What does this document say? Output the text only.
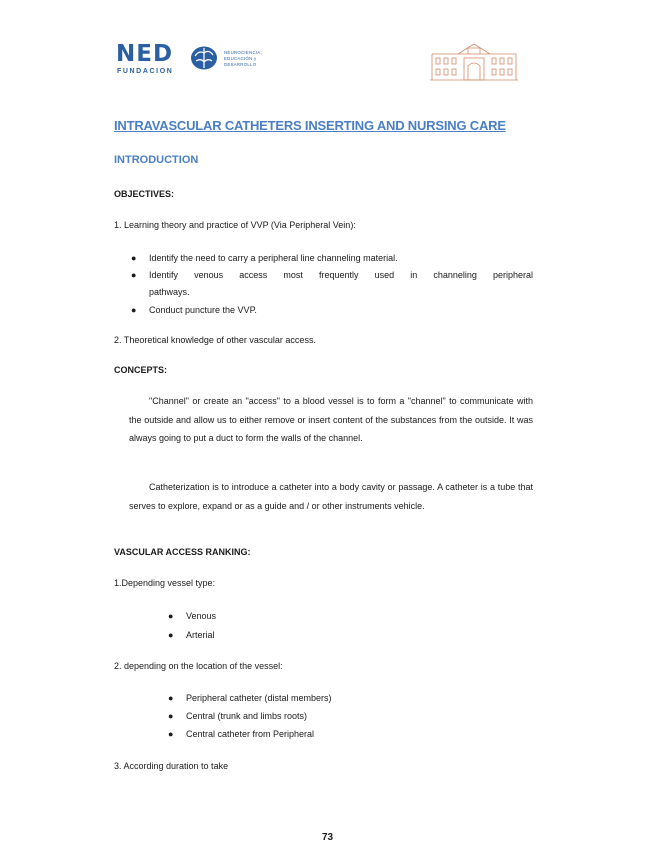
NED
FUNDACION
NEUROCIENCIA,
EDUCACIÓN y
DESARROLLO
INTRAVASCULAR CATHETERS INSERTING AND NURSING CARE
INTRODUCTION
OBJECTIVES:
1. Learning theory and practice of VVP (Via Peripheral Vein):
● Identify the need to carry a peripheral line channeling material.
● Identify venous access most frequently used in channeling peripheral
pathways.
● Conduct puncture the VVP.
2. Theoretical knowledge of other vascular access.
CONCEPTS:
"Channel" or create an "access" to a blood vessel is to form a "channel" to communicate with the outside and allow us to either remove or insert content of the substances from the outside. It was always going to put a duct to form the walls of the channel.
Catheterization is to introduce a catheter into a body cavity or passage. A catheter is a tube that serves to explore, expand or as a guide and / or other instruments vehicle.
VASCULAR ACCESS RANKING:
1.Depending vessel type:
● Venous
● Arterial
2. depending on the location of the vessel:
● Peripheral catheter (distal members)
● Central (trunk and limbs roots)
● Central catheter from Peripheral
3. According duration to take
73
